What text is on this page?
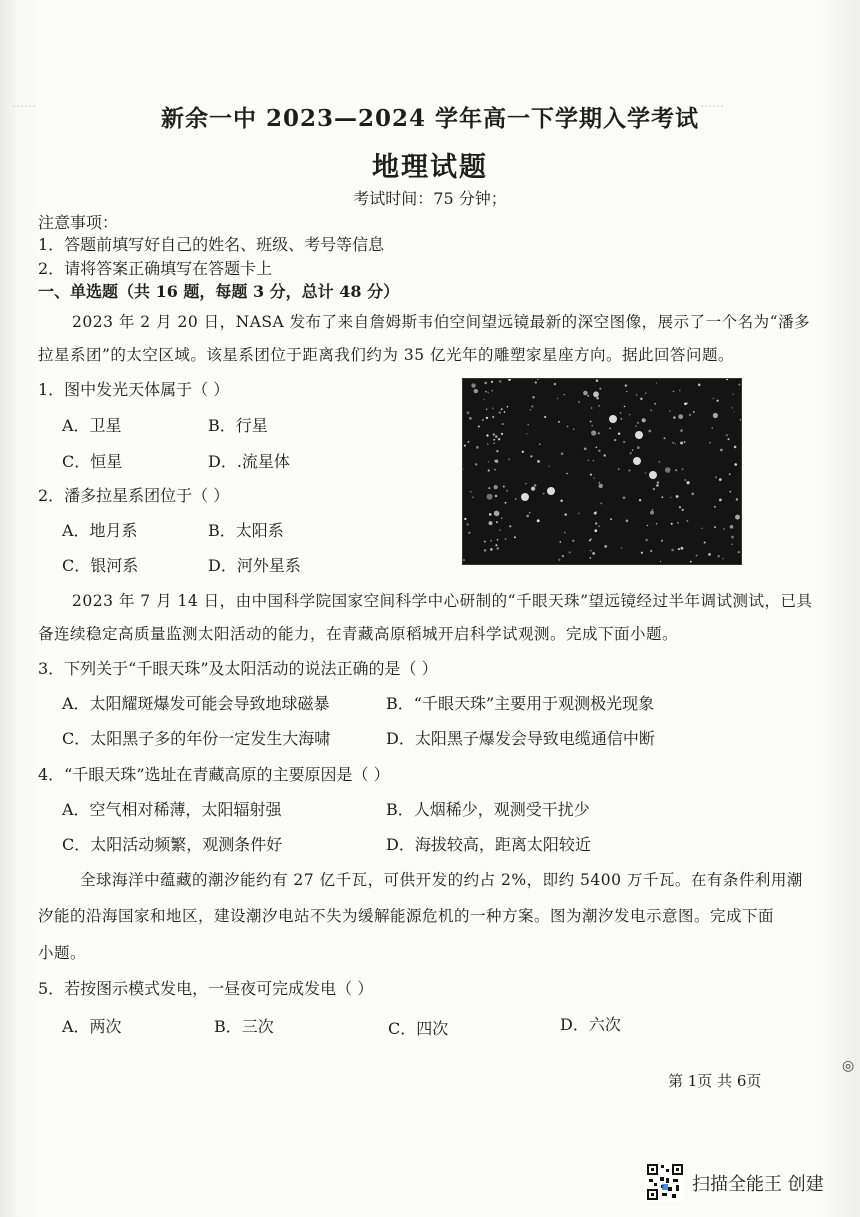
……	……
新余一中 2023—2024 学年高一下学期入学考试
地理试题
考试时间：75 分钟；
注意事项：
1．答题前填写好自己的姓名、班级、考号等信息
2．请将答案正确填写在答题卡上
一、单选题（共 16 题，每题 3 分，总计 48 分）
2023 年 2 月 20 日，NASA 发布了来自詹姆斯韦伯空间望远镜最新的深空图像，展示了一个名为“潘多
拉星系团”的太空区域。该星系团位于距离我们约为 35 亿光年的雕塑家星座方向。据此回答问题。
1．图中发光天体属于（ ）
A．卫星	B．行星
C．恒星	D．.流星体
2．潘多拉星系团位于（ ）
A．地月系	B．太阳系
C．银河系	D．河外星系
2023 年 7 月 14 日，由中国科学院国家空间科学中心研制的“千眼天珠”望远镜经过半年调试测试，已具
备连续稳定高质量监测太阳活动的能力，在青藏高原稻城开启科学试观测。完成下面小题。
3．下列关于“千眼天珠”及太阳活动的说法正确的是（ ）
A．太阳耀斑爆发可能会导致地球磁暴	B．“千眼天珠”主要用于观测极光现象
C．太阳黑子多的年份一定发生大海啸	D．太阳黑子爆发会导致电缆通信中断
4．“千眼天珠”选址在青藏高原的主要原因是（ ）
A．空气相对稀薄，太阳辐射强	B．人烟稀少，观测受干扰少
C．太阳活动频繁，观测条件好	D．海拔较高，距离太阳较近
全球海洋中蕴藏的潮汐能约有 27 亿千瓦，可供开发的约占 2%，即约 5400 万千瓦。在有条件利用潮
汐能的沿海国家和地区，建设潮汐电站不失为缓解能源危机的一种方案。图为潮汐发电示意图。完成下面
小题。
5．若按图示模式发电，一昼夜可完成发电（ ）
A．两次	B．三次	C．四次	D．六次
◎
第 1页 共 6页
扫描全能王 创建
